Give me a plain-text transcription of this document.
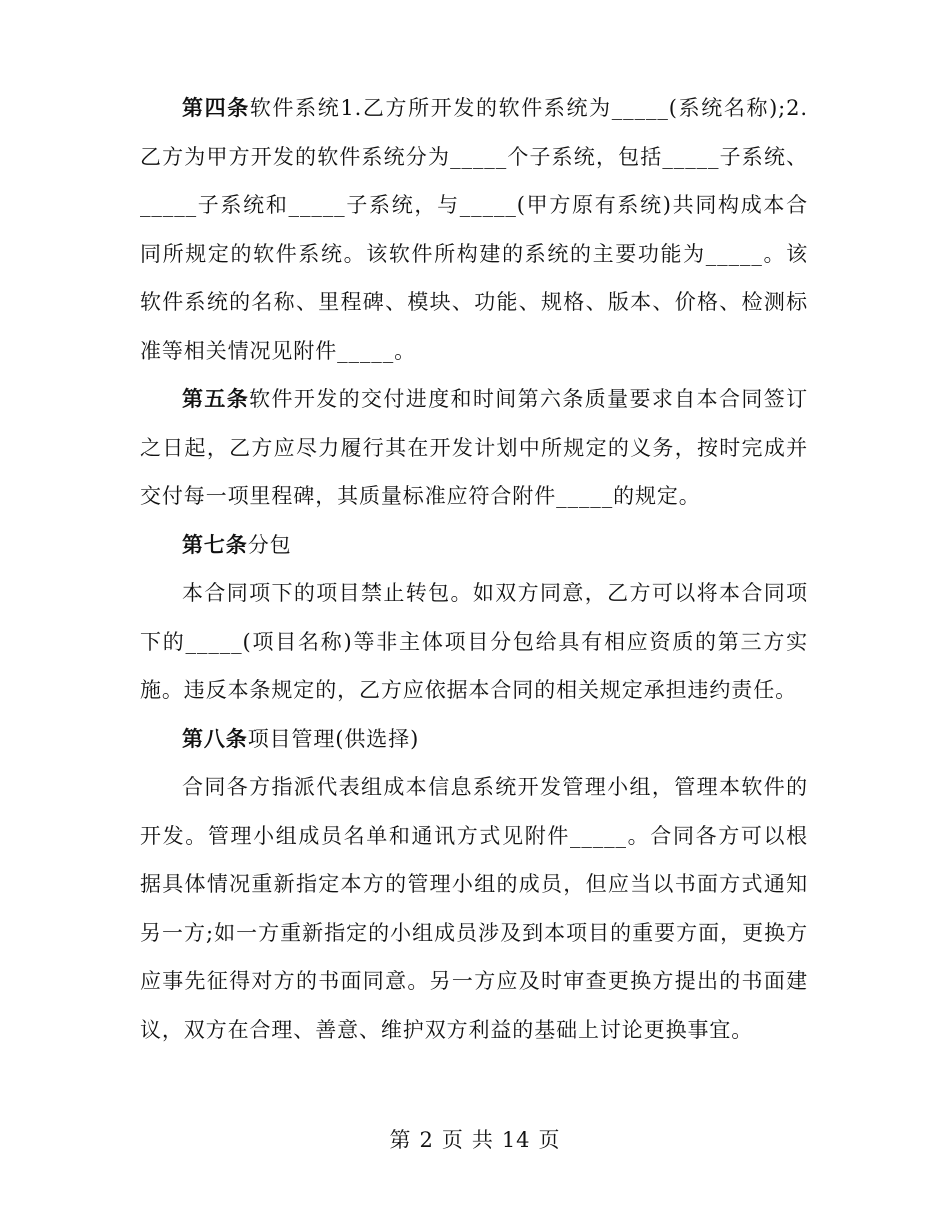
第四条软件系统1.乙方所开发的软件系统为_____(系统名称);2.乙方为甲方开发的软件系统分为_____个子系统，包括_____子系统、_____子系统和_____子系统，与_____(甲方原有系统)共同构成本合同所规定的软件系统。该软件所构建的系统的主要功能为_____。该软件系统的名称、里程碑、模块、功能、规格、版本、价格、检测标准等相关情况见附件_____。

第五条软件开发的交付进度和时间第六条质量要求自本合同签订之日起，乙方应尽力履行其在开发计划中所规定的义务，按时完成并交付每一项里程碑，其质量标准应符合附件_____的规定。

第七条分包

本合同项下的项目禁止转包。如双方同意，乙方可以将本合同项下的_____(项目名称)等非主体项目分包给具有相应资质的第三方实施。违反本条规定的，乙方应依据本合同的相关规定承担违约责任。

第八条项目管理(供选择)

合同各方指派代表组成本信息系统开发管理小组，管理本软件的开发。管理小组成员名单和通讯方式见附件_____。合同各方可以根据具体情况重新指定本方的管理小组的成员，但应当以书面方式通知另一方;如一方重新指定的小组成员涉及到本项目的重要方面，更换方应事先征得对方的书面同意。另一方应及时审查更换方提出的书面建议，双方在合理、善意、维护双方利益的基础上讨论更换事宜。

第 2 页 共 14 页
